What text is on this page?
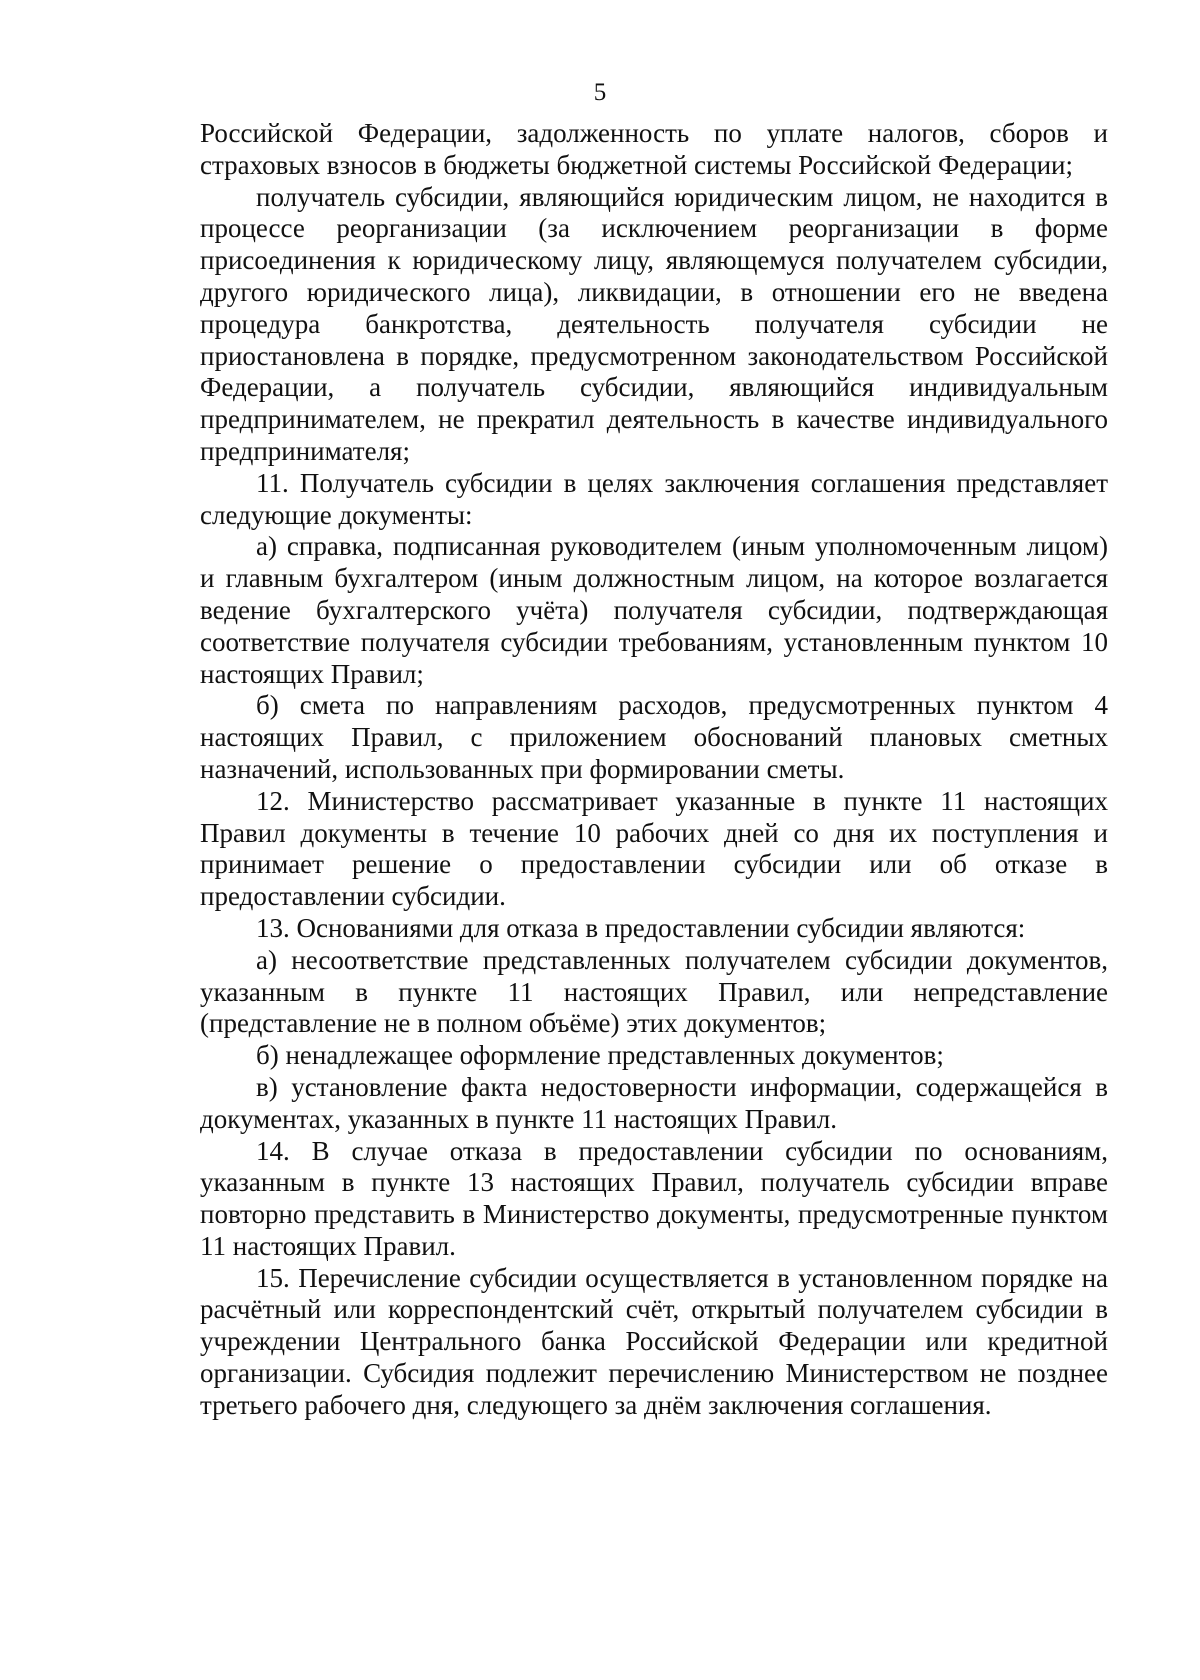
5

Российской Федерации, задолженность по уплате налогов, сборов и страховых взносов в бюджеты бюджетной системы Российской Федерации;

получатель субсидии, являющийся юридическим лицом, не находится в процессе реорганизации (за исключением реорганизации в форме присоединения к юридическому лицу, являющемуся получателем субсидии, другого юридического лица), ликвидации, в отношении его не введена процедура банкротства, деятельность получателя субсидии не приостановлена в порядке, предусмотренном законодательством Российской Федерации, а получатель субсидии, являющийся индивидуальным предпринимателем, не прекратил деятельность в качестве индивидуального предпринимателя;

11. Получатель субсидии в целях заключения соглашения представляет следующие документы:

а) справка, подписанная руководителем (иным уполномоченным лицом) и главным бухгалтером (иным должностным лицом, на которое возлагается ведение бухгалтерского учёта) получателя субсидии, подтверждающая соответствие получателя субсидии требованиям, установленным пунктом 10 настоящих Правил;

б) смета по направлениям расходов, предусмотренных пунктом 4 настоящих Правил, с приложением обоснований плановых сметных назначений, использованных при формировании сметы.

12. Министерство рассматривает указанные в пункте 11 настоящих Правил документы в течение 10 рабочих дней со дня их поступления и принимает решение о предоставлении субсидии или об отказе в предоставлении субсидии.

13. Основаниями для отказа в предоставлении субсидии являются:

а) несоответствие представленных получателем субсидии документов, указанным в пункте 11 настоящих Правил, или непредставление (представление не в полном объёме) этих документов;

б) ненадлежащее оформление представленных документов;

в) установление факта недостоверности информации, содержащейся в документах, указанных в пункте 11 настоящих Правил.

14. В случае отказа в предоставлении субсидии по основаниям, указанным в пункте 13 настоящих Правил, получатель субсидии вправе повторно представить в Министерство документы, предусмотренные пунктом 11 настоящих Правил.

15. Перечисление субсидии осуществляется в установленном порядке на расчётный или корреспондентский счёт, открытый получателем субсидии в учреждении Центрального банка Российской Федерации или кредитной организации. Субсидия подлежит перечислению Министерством не позднее третьего рабочего дня, следующего за днём заключения соглашения.
